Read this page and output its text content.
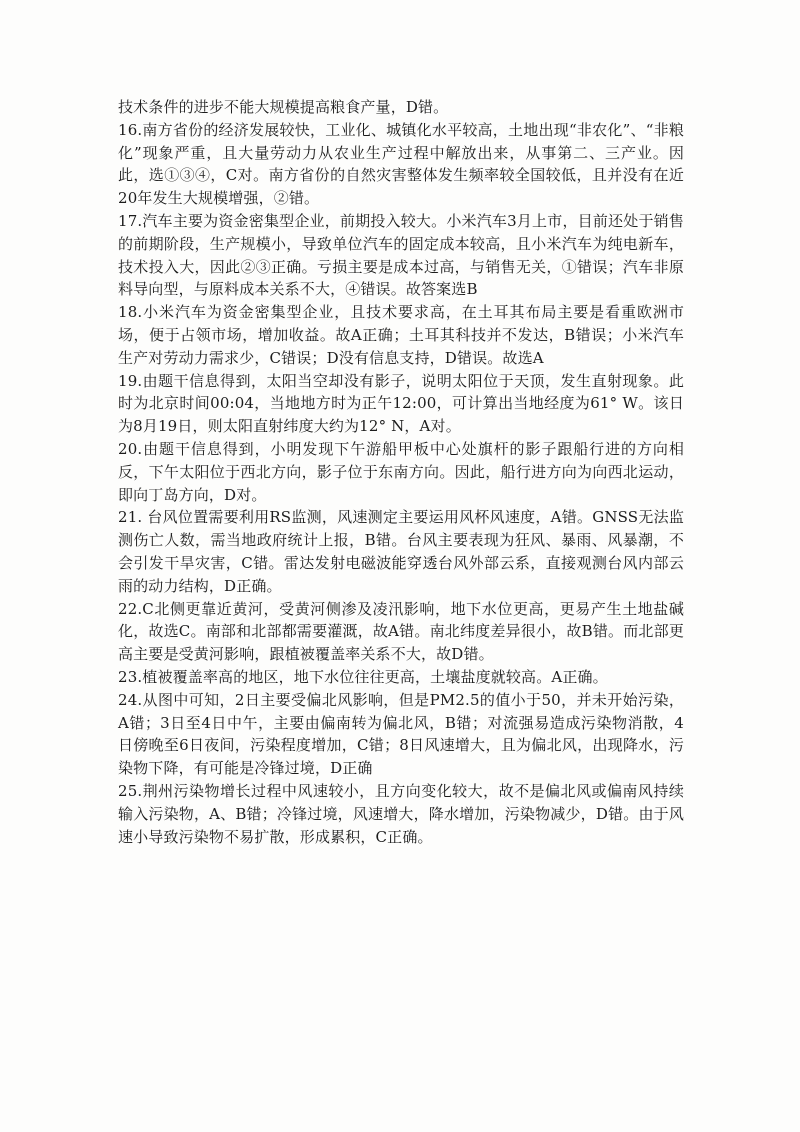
技术条件的进步不能大规模提高粮食产量，D错。

16.南方省份的经济发展较快，工业化、城镇化水平较高，土地出现“非农化”、“非粮化”现象严重，且大量劳动力从农业生产过程中解放出来，从事第二、三产业。因此，选①③④，C对。南方省份的自然灾害整体发生频率较全国较低，且并没有在近20年发生大规模增强，②错。

17.汽车主要为资金密集型企业，前期投入较大。小米汽车3月上市，目前还处于销售的前期阶段，生产规模小，导致单位汽车的固定成本较高，且小米汽车为纯电新车，技术投入大，因此②③正确。亏损主要是成本过高，与销售无关，①错误；汽车非原料导向型，与原料成本关系不大，④错误。故答案选B

18.小米汽车为资金密集型企业，且技术要求高，在土耳其布局主要是看重欧洲市场，便于占领市场，增加收益。故A正确；土耳其科技并不发达，B错误；小米汽车生产对劳动力需求少，C错误；D没有信息支持，D错误。故选A

19.由题干信息得到，太阳当空却没有影子，说明太阳位于天顶，发生直射现象。此时为北京时间00:04，当地地方时为正午12:00，可计算出当地经度为61° W。该日为8月19日，则太阳直射纬度大约为12° N，A对。

20.由题干信息得到，小明发现下午游船甲板中心处旗杆的影子跟船行进的方向相反，下午太阳位于西北方向，影子位于东南方向。因此，船行进方向为向西北运动，即向丁岛方向，D对。

21. 台风位置需要利用RS监测，风速测定主要运用风杯风速度，A错。GNSS无法监测伤亡人数，需当地政府统计上报，B错。台风主要表现为狂风、暴雨、风暴潮，不会引发干旱灾害，C错。雷达发射电磁波能穿透台风外部云系，直接观测台风内部云雨的动力结构，D正确。

22.C北侧更靠近黄河，受黄河侧渗及凌汛影响，地下水位更高，更易产生土地盐碱化，故选C。南部和北部都需要灌溉，故A错。南北纬度差异很小，故B错。而北部更高主要是受黄河影响，跟植被覆盖率关系不大，故D错。

23.植被覆盖率高的地区，地下水位往往更高，土壤盐度就较高。A正确。

24.从图中可知，2日主要受偏北风影响，但是PM2.5的值小于50，并未开始污染，A错；3日至4日中午，主要由偏南转为偏北风，B错；对流强易造成污染物消散，4日傍晚至6日夜间，污染程度增加，C错；8日风速增大，且为偏北风，出现降水，污染物下降，有可能是冷锋过境，D正确

25.荆州污染物增长过程中风速较小，且方向变化较大，故不是偏北风或偏南风持续输入污染物，A、B错；冷锋过境，风速增大，降水增加，污染物减少，D错。由于风速小导致污染物不易扩散，形成累积，C正确。
